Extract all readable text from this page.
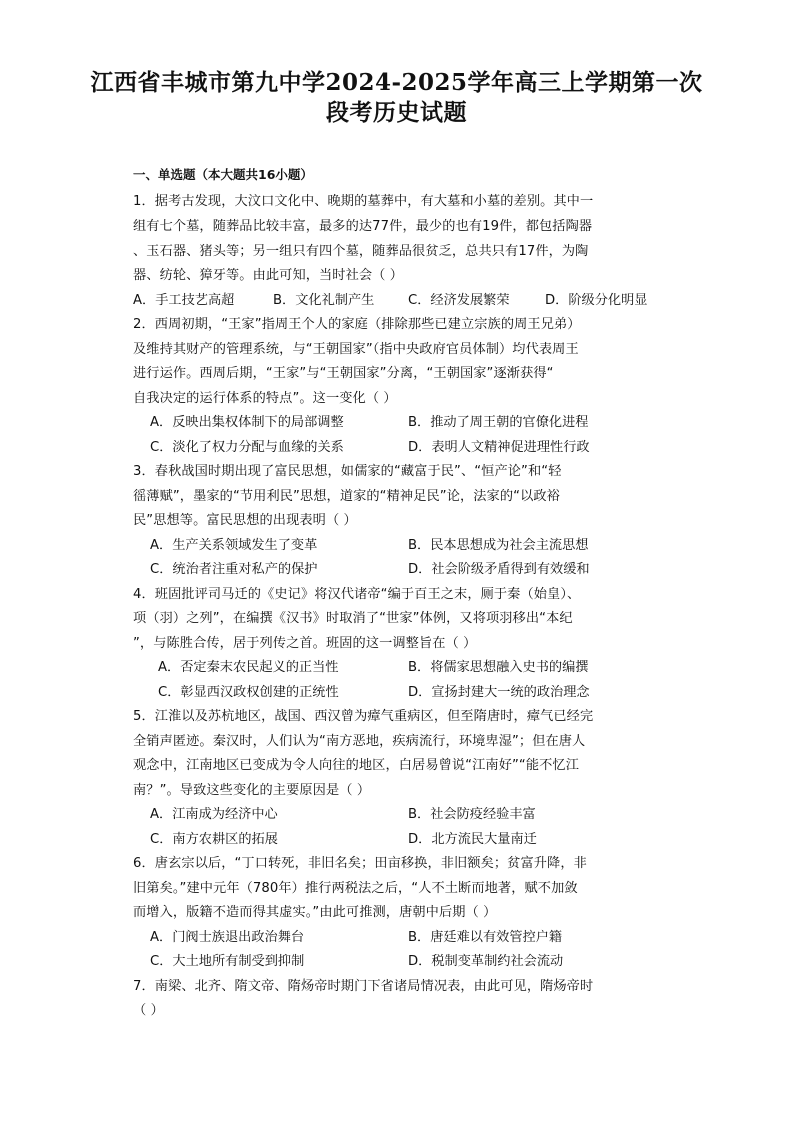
江西省丰城市第九中学2024-2025学年高三上学期第一次
段考历史试题
一、单选题（本大题共16小题）
1．据考古发现，大汶口文化中、晚期的墓葬中，有大墓和小墓的差别。其中一
组有七个墓，随葬品比较丰富，最多的达77件，最少的也有19件，都包括陶器
、玉石器、猪头等；另一组只有四个墓，随葬品很贫乏，总共只有17件，为陶
器、纺轮、獐牙等。由此可知，当时社会（ ）
A．手工技艺高超	B．文化礼制产生	C．经济发展繁荣	D．阶级分化明显
2．西周初期，“王家”指周王个人的家庭（排除那些已建立宗族的周王兄弟）
及维持其财产的管理系统，与“王朝国家”（指中央政府官员体制）均代表周王
进行运作。西周后期，“王家”与“王朝国家”分离，“王朝国家”逐渐获得“
自我决定的运行体系的特点”。这一变化（ ）
A．反映出集权体制下的局部调整	B．推动了周王朝的官僚化进程
C．淡化了权力分配与血缘的关系	D．表明人文精神促进理性行政
3．春秋战国时期出现了富民思想，如儒家的“藏富于民”、“恒产论”和“轻
徭薄赋”，墨家的“节用利民”思想，道家的“精神足民”论，法家的“以政裕
民”思想等。富民思想的出现表明（ ）
A．生产关系领域发生了变革	B．民本思想成为社会主流思想
C．统治者注重对私产的保护	D．社会阶级矛盾得到有效缓和
4．班固批评司马迁的《史记》将汉代诸帝“编于百王之末，厕于秦（始皇）、
项（羽）之列”，在编撰《汉书》时取消了“世家”体例，又将项羽移出“本纪
”，与陈胜合传，居于列传之首。班固的这一调整旨在（ ）
A．否定秦末农民起义的正当性	B．将儒家思想融入史书的编撰
C．彰显西汉政权创建的正统性	D．宣扬封建大一统的政治理念
5．江淮以及苏杭地区，战国、西汉曾为瘴气重病区，但至隋唐时，瘴气已经完
全销声匿迹。秦汉时，人们认为“南方恶地，疾病流行，环境卑湿”；但在唐人
观念中，江南地区已变成为令人向往的地区，白居易曾说“江南好”“能不忆江
南？”。导致这些变化的主要原因是（ ）
A．江南成为经济中心	B．社会防疫经验丰富
C．南方农耕区的拓展	D．北方流民大量南迁
6．唐玄宗以后，“丁口转死，非旧名矣；田亩移换，非旧额矣；贫富升降，非
旧第矣。”建中元年（780年）推行两税法之后，“人不土断而地著，赋不加敛
而增入，版籍不造而得其虚实。”由此可推测，唐朝中后期（ ）
A．门阀士族退出政治舞台	B．唐廷难以有效管控户籍
C．大土地所有制受到抑制	D．税制变革制约社会流动
7．南梁、北齐、隋文帝、隋炀帝时期门下省诸局情况表，由此可见，隋炀帝时
（ ）
